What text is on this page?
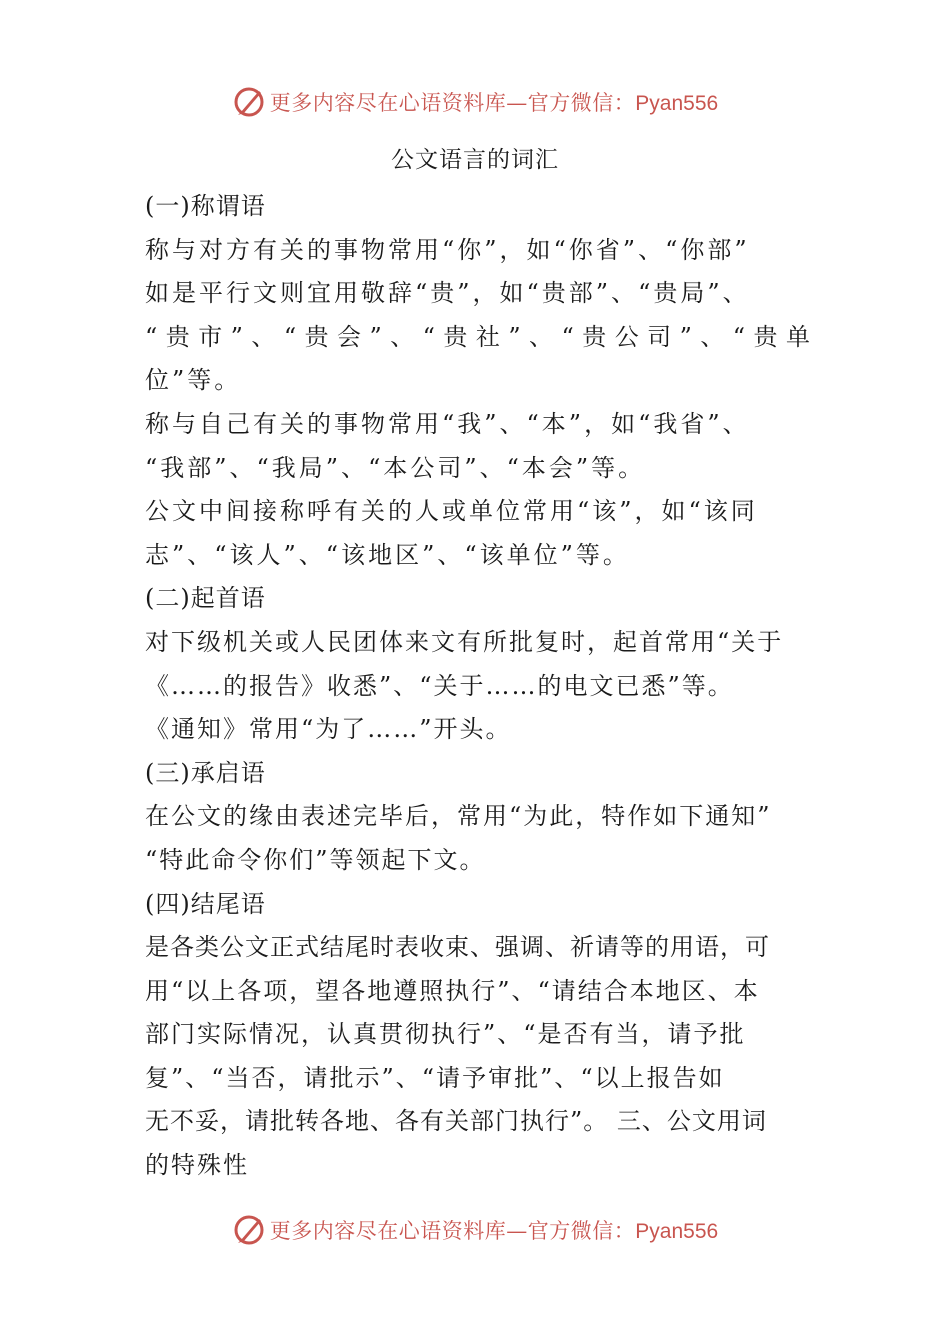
更多内容尽在心语资料库—官方微信：Pyan556
公文语言的词汇
(一)称谓语
称与对方有关的事物常用“你”，如“你省”、“你部”
如是平行文则宜用敬辞“贵”，如“贵部”、“贵局”、
“贵市”、“贵会”、“贵社”、“贵公司”、“贵单
位”等。
称与自己有关的事物常用“我”、“本”，如“我省”、
“我部”、“我局”、“本公司”、“本会”等。
公文中间接称呼有关的人或单位常用“该”，如“该同
志”、“该人”、“该地区”、“该单位”等。
(二)起首语
对下级机关或人民团体来文有所批复时，起首常用“关于
《……的报告》收悉”、“关于……的电文已悉”等。
《通知》常用“为了……”开头。
(三)承启语
在公文的缘由表述完毕后，常用“为此，特作如下通知”
“特此命令你们”等领起下文。
(四)结尾语
是各类公文正式结尾时表收束、强调、祈请等的用语，可
用“以上各项，望各地遵照执行”、“请结合本地区、本
部门实际情况，认真贯彻执行”、“是否有当，请予批
复”、“当否，请批示”、“请予审批”、“以上报告如
无不妥，请批转各地、各有关部门执行”。 三、公文用词
的特殊性
更多内容尽在心语资料库—官方微信：Pyan556
